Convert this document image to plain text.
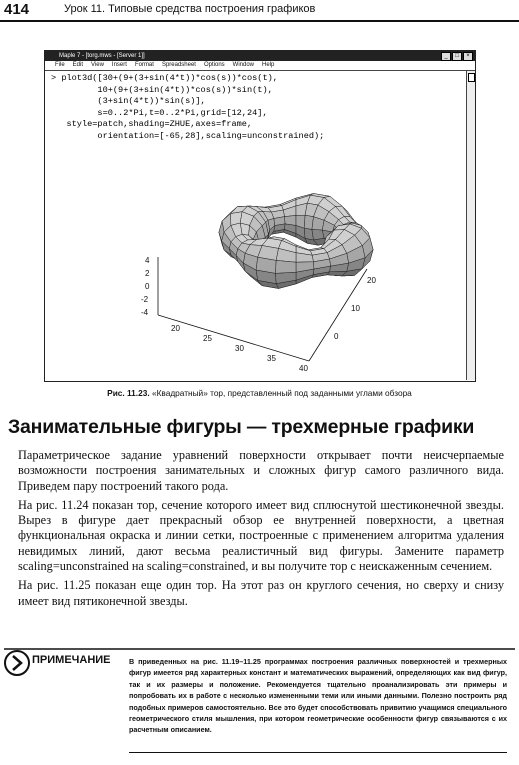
414	Урок 11. Типовые средства построения графиков
Maple 7 - [torg.mws - [Server 1]]	_	□	×
File Edit View Insert Format Spreadsheet Options Window Help
> plot3d([30+(9+(3+sin(4*t))*cos(s))*cos(t),
10+(9+(3+sin(4*t))*cos(s))*sin(t),
(3+sin(4*t))*sin(s)],
s=0..2*Pi,t=0..2*Pi,grid=[12,24],
style=patch,shading=ZHUE,axes=frame,
orientation=[-65,28],scaling=unconstrained);
4
2
0
-2
-4
20
25
30
35
40
0
10
20
Рис. 11.23. «Квадратный» тор, представленный под заданными углами обзора
Занимательные фигуры — трехмерные графики

Параметрическое задание уравнений поверхности открывает почти неисчерпаемые возможности построения занимательных и сложных фигур самого различного вида. Приведем пару построений такого рода.

На рис. 11.24 показан тор, сечение которого имеет вид сплюснутой шестиконечной звезды. Вырез в фигуре дает прекрасный обзор ее внутренней поверхности, а цветная функциональная окраска и линии сетки, построенные с применением алгоритма удаления невидимых линий, дают весьма реалистичный вид фигуры. Замените параметр scaling=unconstrained на scaling=constrained, и вы получите тор с неискаженным сечением.

На рис. 11.25 показан еще один тор. На этот раз он круглого сечения, но сверху и снизу имеет вид пятиконечной звезды.

ПРИМЕЧАНИЕ	В приведенных на рис. 11.19–11.25 программах построения различных поверхностей и трехмерных фигур имеется ряд характерных констант и математических выражений, определяющих как вид фигур, так и их размеры и положение. Рекомендуется тщательно проанализировать эти примеры и попробовать их в работе с несколько измененными теми или иными данными. Полезно построить ряд подобных примеров самостоятельно. Все это будет способствовать привитию учащимся специального геометрического стиля мышления, при котором геометрические особенности фигур связываются с их расчетным описанием.
